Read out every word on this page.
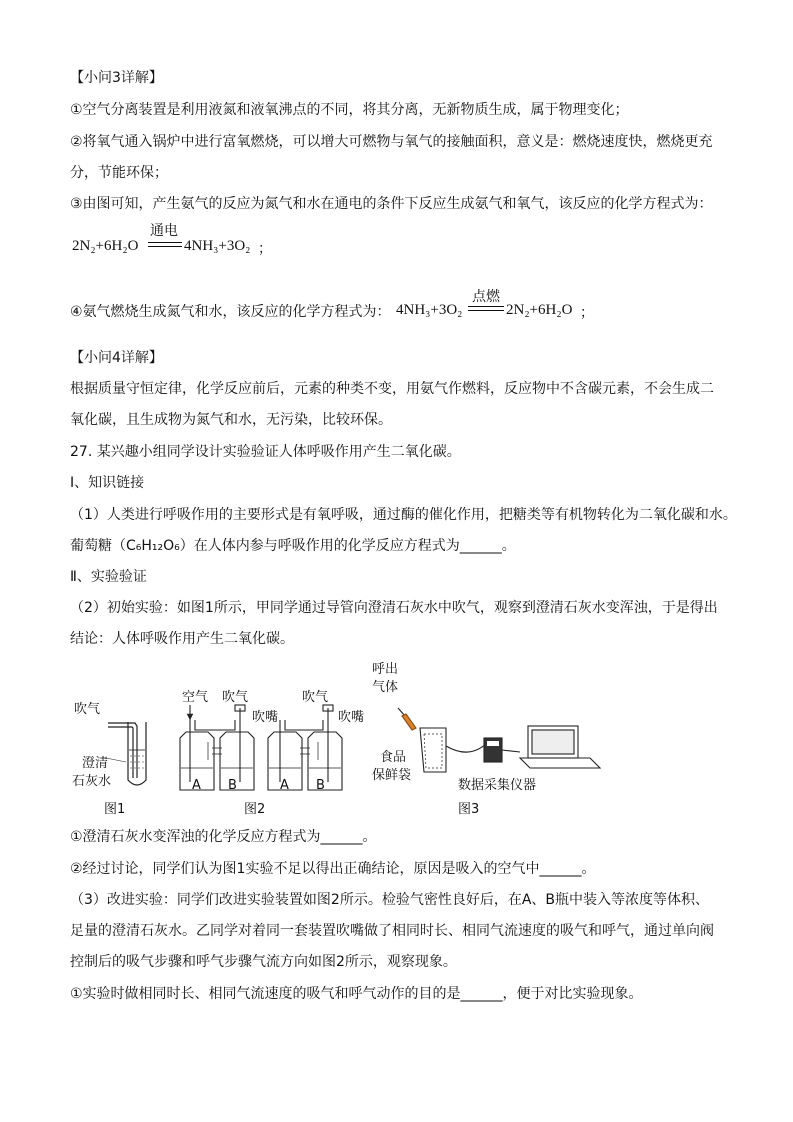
【小问3详解】
①空气分离装置是利用液氮和液氧沸点的不同，将其分离，无新物质生成，属于物理变化；
②将氧气通入锅炉中进行富氧燃烧，可以增大可燃物与氧气的接触面积，意义是：燃烧速度快，燃烧更充
分，节能环保；
③由图可知，产生氨气的反应为氮气和水在通电的条件下反应生成氨气和氧气，该反应的化学方程式为：
2N₂+6H₂O
通电
4NH₃+3O₂ ；
④氨气燃烧生成氮气和水，该反应的化学方程式为： 4NH₃+3O₂
点燃
2N₂+6H₂O ；
【小问4详解】
根据质量守恒定律，化学反应前后，元素的种类不变，用氨气作燃料，反应物中不含碳元素，不会生成二
氧化碳，且生成物为氮气和水，无污染，比较环保。
27. 某兴趣小组同学设计实验验证人体呼吸作用产生二氧化碳。
Ⅰ、知识链接
（1）人类进行呼吸作用的主要形式是有氧呼吸，通过酶的催化作用，把糖类等有机物转化为二氧化碳和水。
葡萄糖（C₆H₁₂O₆）在人体内参与呼吸作用的化学反应方程式为______。
Ⅱ、实验验证
（2）初始实验：如图1所示，甲同学通过导管向澄清石灰水中吹气，观察到澄清石灰水变浑浊，于是得出
结论：人体呼吸作用产生二氧化碳。
吹气
澄清
石灰水
图1
空气 吹气
吹嘴
吹气
吹嘴
A B	A B
图2
呼出
气体
食品
保鲜袋
数据采集仪器
图3
①澄清石灰水变浑浊的化学反应方程式为______。
②经过讨论，同学们认为图1实验不足以得出正确结论，原因是吸入的空气中______。
（3）改进实验：同学们改进实验装置如图2所示。检验气密性良好后，在A、B瓶中装入等浓度等体积、
足量的澄清石灰水。乙同学对着同一套装置吹嘴做了相同时长、相同气流速度的吸气和呼气，通过单向阀
控制后的吸气步骤和呼气步骤气流方向如图2所示，观察现象。
①实验时做相同时长、相同气流速度的吸气和呼气动作的目的是______，便于对比实验现象。
